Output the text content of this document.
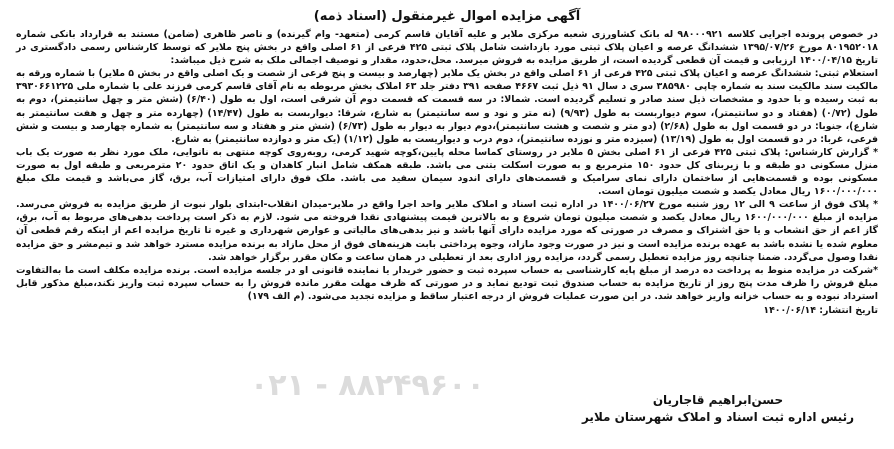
۰۲۱ - ۸۸۲۴۹۶۰۰
آگهی مزایده اموال غیرمنقول (اسناد ذمه)

در خصوص پرونده اجرایی کلاسه ۹۸۰۰۰۹۲۱ له بانک کشاورزی شعبه مرکزی ملایر و علیه آقایان قاسم کرمی (متعهد- وام گیرنده) و ناصر ظاهری (ضامن) مستند به قرارداد بانکی شماره ۸۰۱۹۵۲۰۱۸ مورخ ۱۳۹۵/۰۷/۲۶ ششدانگ عرصه و اعیان پلاک ثبتی مورد بازداشت شامل پلاک ثبتی ۴۲۵ فرعی از ۶۱ اصلی واقع در بخش پنج ملایر که توسط کارشناس رسمی دادگستری در تاریخ ۱۴۰۰/۰۴/۱۵ ارزیابی و قیمت آن قطعی گردیده است، از طریق مزایده به فروش میرسد. محل،حدود، مقدار و توصیف اجمالی ملک به شرح ذیل میباشد:

استعلام ثبتی: ششدانگ عرصه و اعیان پلاک ثبتی ۴۲۵ فرعی از ۶۱ اصلی واقع در بخش یک ملایر (چهارصد و بیست و پنج فرعی از شصت و یک اصلی واقع در بخش ۵ ملایر) با شماره ورقه به مالکیت سند مالکیت سند به شماره چاپی ۳۸۵۹۸۰ سری د سال ۹۱ ذیل ثبت ۴۶۶۷ صفحه ۳۹۱ دفتر جلد ۶۳ املاک بخش مربوطه به نام آقای قاسم کرمی فرزند علی با شماره ملی ۳۹۳۰۶۶۱۲۲۵ به ثبت رسیده و با حدود و مشخصات ذیل سند صادر و تسلیم گردیده است. شمالا: در سه قسمت که قسمت دوم آن شرقی است، اول به طول (۶/۴۰) (شش متر و چهل سانتیمتر)، دوم به طول (۰/۷۲) (هفتاد و دو سانتیمتر)، سوم دیواربست به طول (۹/۹۳) (نه متر و نود و سه سانتیمتر) به شارع، شرقا: دیواربست به طول (۱۴/۴۷) (چهارده متر و چهل و هفت سانتیمتر به شارع)، جنوبا: در دو قسمت اول به طول (۲/۶۸) (دو متر و شصت و هشت سانتیمتر)،دوم دیوار به دیوار به طول (۶/۷۳) (شش متر و هفتاد و سه سانتیمتر) به شماره چهارصد و بیست و شش فرعی، غربا: در دو قسمت اول به طول (۱۳/۱۹) (سیزده متر و نوزده سانتیمتر)، دوم درب و دیواریست به طول (۱/۱۲) (یک متر و دوازده سانتیمتر) به شارع.

* گزارش کارشناس: پلاک ثبتی ۴۲۵ فرعی از ۶۱ اصلی بخش ۵ ملایر در روستای کماسا محله پایین،کوچه شهید کرمی، روبه‌روی کوچه منتهی به نانوایی، ملک مورد نظر به صورت یک باب منزل مسکونی دو طبقه و با زیربنای کل حدود ۱۵۰ مترمربع و به صورت اسکلت بتنی می باشد. طبقه همکف شامل انبار کاهدان و یک اتاق حدود ۲۰ مترمربعی و طبقه اول به صورت مسکونی بوده و قسمت‌هایی از ساختمان دارای نمای سرامیک و قسمت‌های دارای اندود سیمان سفید می باشد. ملک فوق دارای امتیازات آب، برق، گاز می‌باشد و قیمت ملک مبلغ ۱۶۰۰/۰۰۰/۰۰۰ ریال معادل یکصد و شصت میلیون تومان است.

* پلاک فوق از ساعت ۹ الی ۱۲ روز شنبه مورخ ۱۴۰۰/۰۶/۲۷ در اداره ثبت اسناد و املاک ملایر واحد اجرا واقع در ملایر-میدان انقلاب-ابتدای بلوار نبوت از طریق مزایده به فروش می‌رسد. مزایده از مبلغ ۱۶۰۰/۰۰۰/۰۰۰ ریال معادل یکصد و شصت میلیون تومان شروع و به بالاترین قیمت پیشنهادی نقدا فروخته می شود. لازم به ذکر است پرداخت بدهی‌های مربوط به آب، برق، گاز اعم از حق انشعاب و یا حق اشتراک و مصرف در صورتی که مورد مزایده دارای آنها باشد و نیز بدهی‌های مالیاتی و عوارض شهرداری و غیره تا تاریخ مزایده اعم از اینکه رقم قطعی آن معلوم شده یا نشده باشد به عهده برنده مزایده است و نیز در صورت وجود مازاد، وجوه پرداختی بابت هزینه‌های فوق از محل مازاد به برنده مزایده مسترد خواهد شد و تیم‌مشر و حق مزایده نقدا وصول می‌گردد. ضمنا چنانچه روز مزایده تعطیل رسمی گردد، مزایده روز اداری بعد از تعطیلی در همان ساعت و مکان مقرر برگزار خواهد شد.

*شرکت در مزایده منوط به پرداخت ده درصد از مبلغ پایه کارشناسی به حساب سپرده ثبت و حضور خریدار یا نماینده قانونی او در جلسه مزایده است. برنده مزایده مکلف است ما به‌التفاوت مبلغ فروش را ظرف مدت پنج روز از تاریخ مزایده به حساب صندوق ثبت تودیع نماید و در صورتی که ظرف مهلت مقرر مانده فروش را به حساب سپرده ثبت واریز نکند،مبلغ مذکور قابل استرداد نبوده و به حساب خزانه واریز خواهد شد. در این صورت عملیات فروش از درجه اعتبار ساقط و مزایده تجدید می‌شود. (م الف ۱۷۹)

تاریخ انتشار: ۱۴۰۰/۰۶/۱۴
حسن‌ابراهیم قاجاریان
رئیس اداره ثبت اسناد و املاک شهرستان ملایر
